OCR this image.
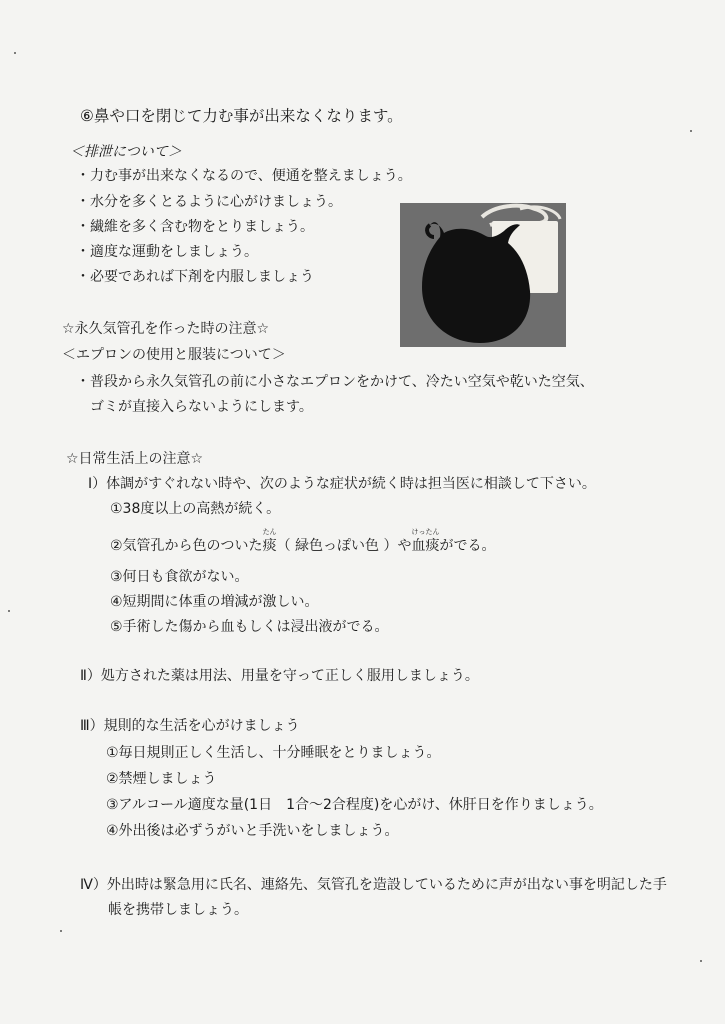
⑥鼻や口を閉じて力む事が出来なくなります。
＜排泄について＞
・力む事が出来なくなるので、便通を整えましょう。
・水分を多くとるように心がけましょう。
・繊維を多く含む物をとりましょう。
・適度な運動をしましょう。
・必要であれば下剤を内服しましょう
☆永久気管孔を作った時の注意☆
＜エプロンの使用と服装について＞
・普段から永久気管孔の前に小さなエプロンをかけて、冷たい空気や乾いた空気、
ゴミが直接入らないようにします。
☆日常生活上の注意☆
Ⅰ）体調がすぐれない時や、次のような症状が続く時は担当医に相談して下さい。
①38度以上の高熱が続く。
②気管孔から色のついた
たん
痰（ 緑色っぽい色 ）や
けったん
血痰がでる。
③何日も食欲がない。
④短期間に体重の増減が激しい。
⑤手術した傷から血もしくは浸出液がでる。
Ⅱ）処方された薬は用法、用量を守って正しく服用しましょう。
Ⅲ）規則的な生活を心がけましょう
①毎日規則正しく生活し、十分睡眠をとりましょう。
②禁煙しましょう
③アルコール適度な量(1日　1合～2合程度)を心がけ、休肝日を作りましょう。
④外出後は必ずうがいと手洗いをしましょう。
Ⅳ）外出時は緊急用に氏名、連絡先、気管孔を造設しているために声が出ない事を明記した手
帳を携帯しましょう。
